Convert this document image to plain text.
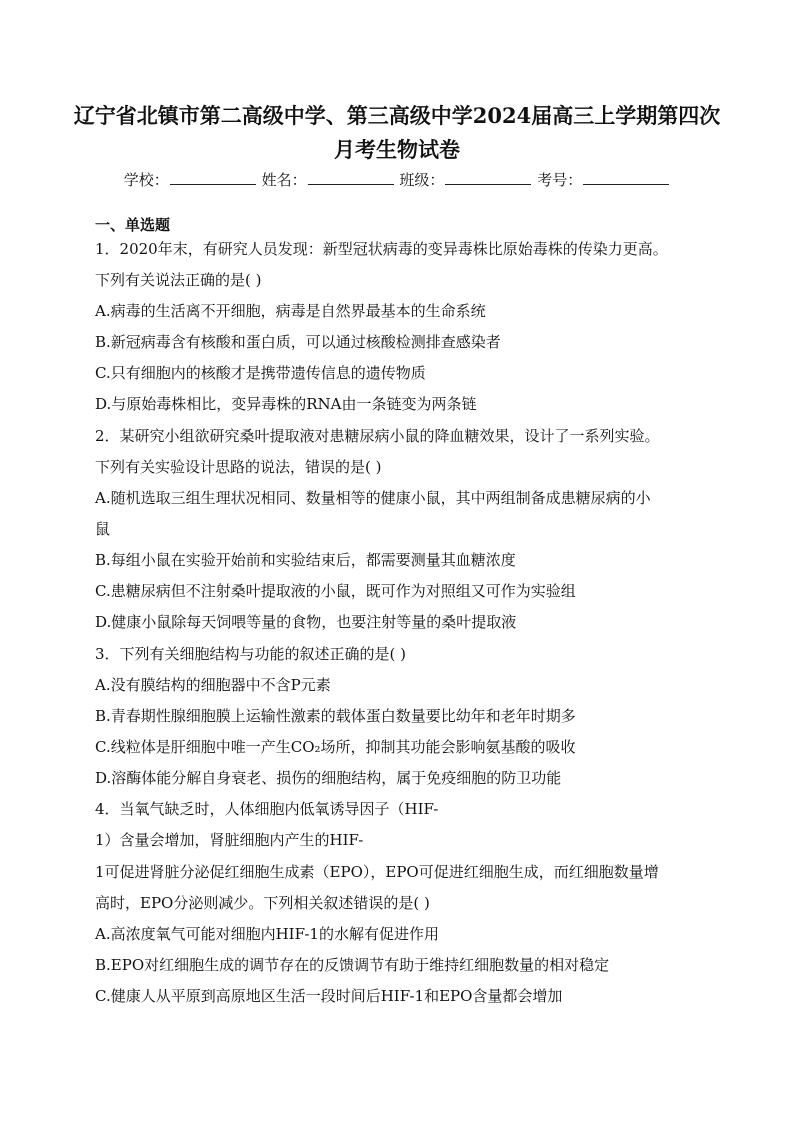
辽宁省北镇市第二高级中学、第三高级中学2024届高三上学期第四次
月考生物试卷
学校：	姓名：	班级：	考号：
一、单选题
1．2020年末，有研究人员发现：新型冠状病毒的变异毒株比原始毒株的传染力更高。
下列有关说法正确的是( )
A.病毒的生活离不开细胞，病毒是自然界最基本的生命系统
B.新冠病毒含有核酸和蛋白质，可以通过核酸检测排查感染者
C.只有细胞内的核酸才是携带遗传信息的遗传物质
D.与原始毒株相比，变异毒株的RNA由一条链变为两条链
2．某研究小组欲研究桑叶提取液对患糖尿病小鼠的降血糖效果，设计了一系列实验。
下列有关实验设计思路的说法，错误的是( )
A.随机选取三组生理状况相同、数量相等的健康小鼠，其中两组制备成患糖尿病的小
鼠
B.每组小鼠在实验开始前和实验结束后，都需要测量其血糖浓度
C.患糖尿病但不注射桑叶提取液的小鼠，既可作为对照组又可作为实验组
D.健康小鼠除每天饲喂等量的食物，也要注射等量的桑叶提取液
3．下列有关细胞结构与功能的叙述正确的是( )
A.没有膜结构的细胞器中不含P元素
B.青春期性腺细胞膜上运输性激素的载体蛋白数量要比幼年和老年时期多
C.线粒体是肝细胞中唯一产生CO₂场所，抑制其功能会影响氨基酸的吸收
D.溶酶体能分解自身衰老、损伤的细胞结构，属于免疫细胞的防卫功能
4．当氧气缺乏时，人体细胞内低氧诱导因子（HIF-
1）含量会增加，肾脏细胞内产生的HIF-
1可促进肾脏分泌促红细胞生成素（EPO），EPO可促进红细胞生成，而红细胞数量增
高时，EPO分泌则减少。下列相关叙述错误的是( )
A.高浓度氧气可能对细胞内HIF-1的水解有促进作用
B.EPO对红细胞生成的调节存在的反馈调节有助于维持红细胞数量的相对稳定
C.健康人从平原到高原地区生活一段时间后HIF-1和EPO含量都会增加
